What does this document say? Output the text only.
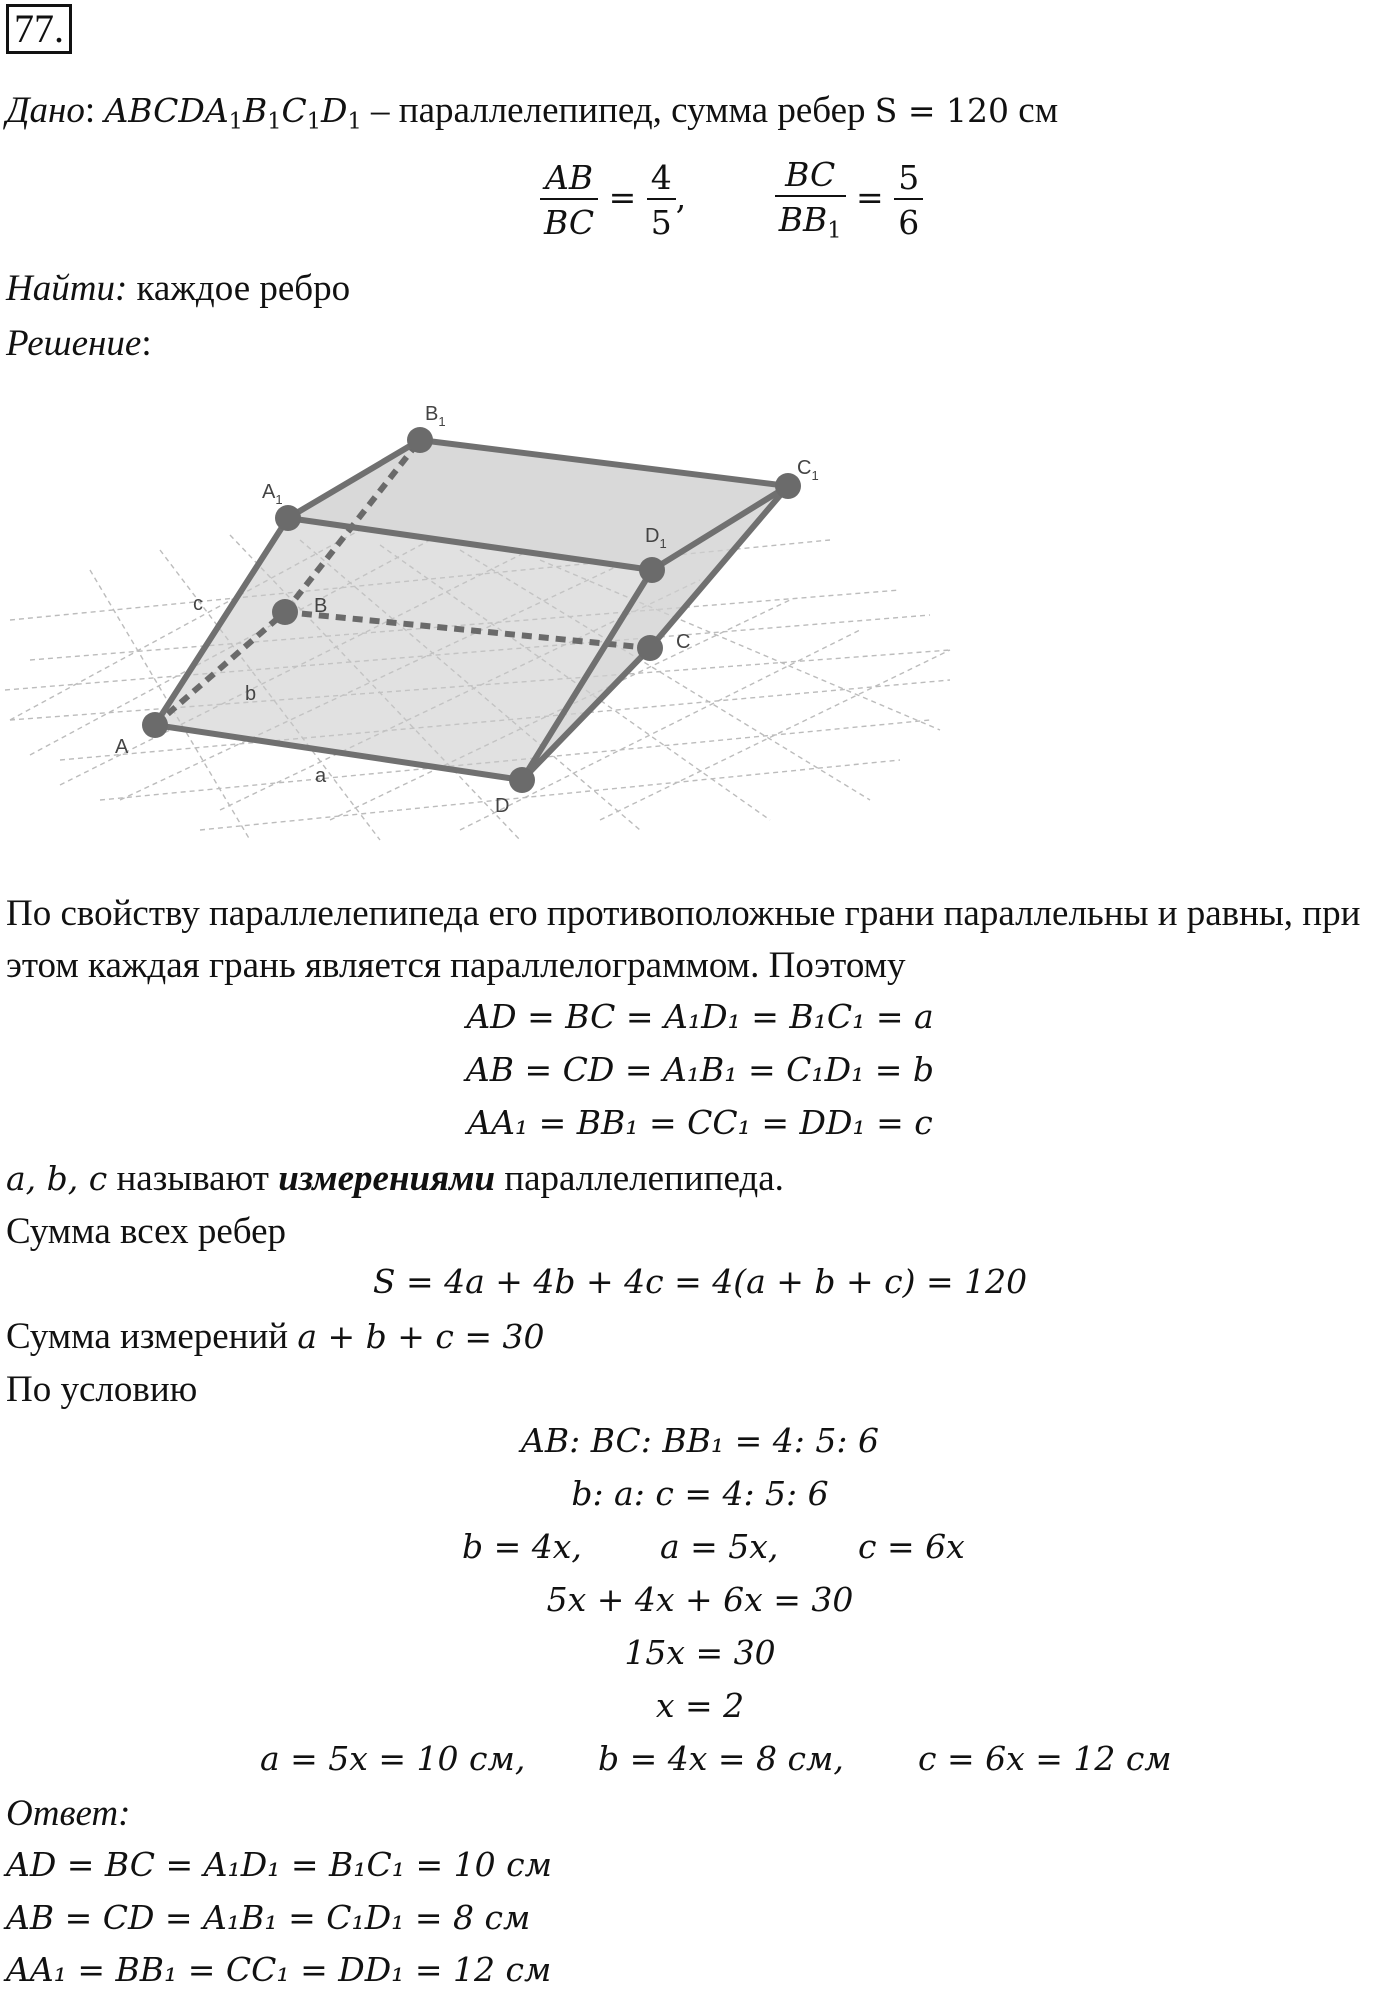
77.
Дано: $ABCDA_1B_1C_1D_1$ – параллелепипед, сумма ребер S = 120 см
$\frac{AB}{BC} = \frac{4}{5}$ ,	$\frac{BC}{BB_1} = \frac{5}{6}$
Найти: каждое ребро
Решение:
A
B
C
D
$A_1$
$B_1$
$C_1$
$D_1$
a
b
c
По свойству параллелепипеда его противоположные грани параллельны и равны, при
этом каждая грань является параллелограммом. Поэтому
AD = BC = A₁D₁ = B₁C₁ = a
AB = CD = A₁B₁ = C₁D₁ = b
AA₁ = BB₁ = CC₁ = DD₁ = c
a, b, c называют измерениями параллелепипеда.
Сумма всех ребер
S = 4a + 4b + 4c = 4(a + b + c) = 120
Сумма измерений a + b + c = 30
По условию
AB: BC: BB₁ = 4: 5: 6
b: a: c = 4: 5: 6
b = 4x, a = 5x, c = 6x
5x + 4x + 6x = 30
15x = 30
x = 2
a = 5x = 10 см, b = 4x = 8 см, c = 6x = 12 см
Ответ:
AD = BC = A₁D₁ = B₁C₁ = 10 см
AB = CD = A₁B₁ = C₁D₁ = 8 см
AA₁ = BB₁ = CC₁ = DD₁ = 12 см
